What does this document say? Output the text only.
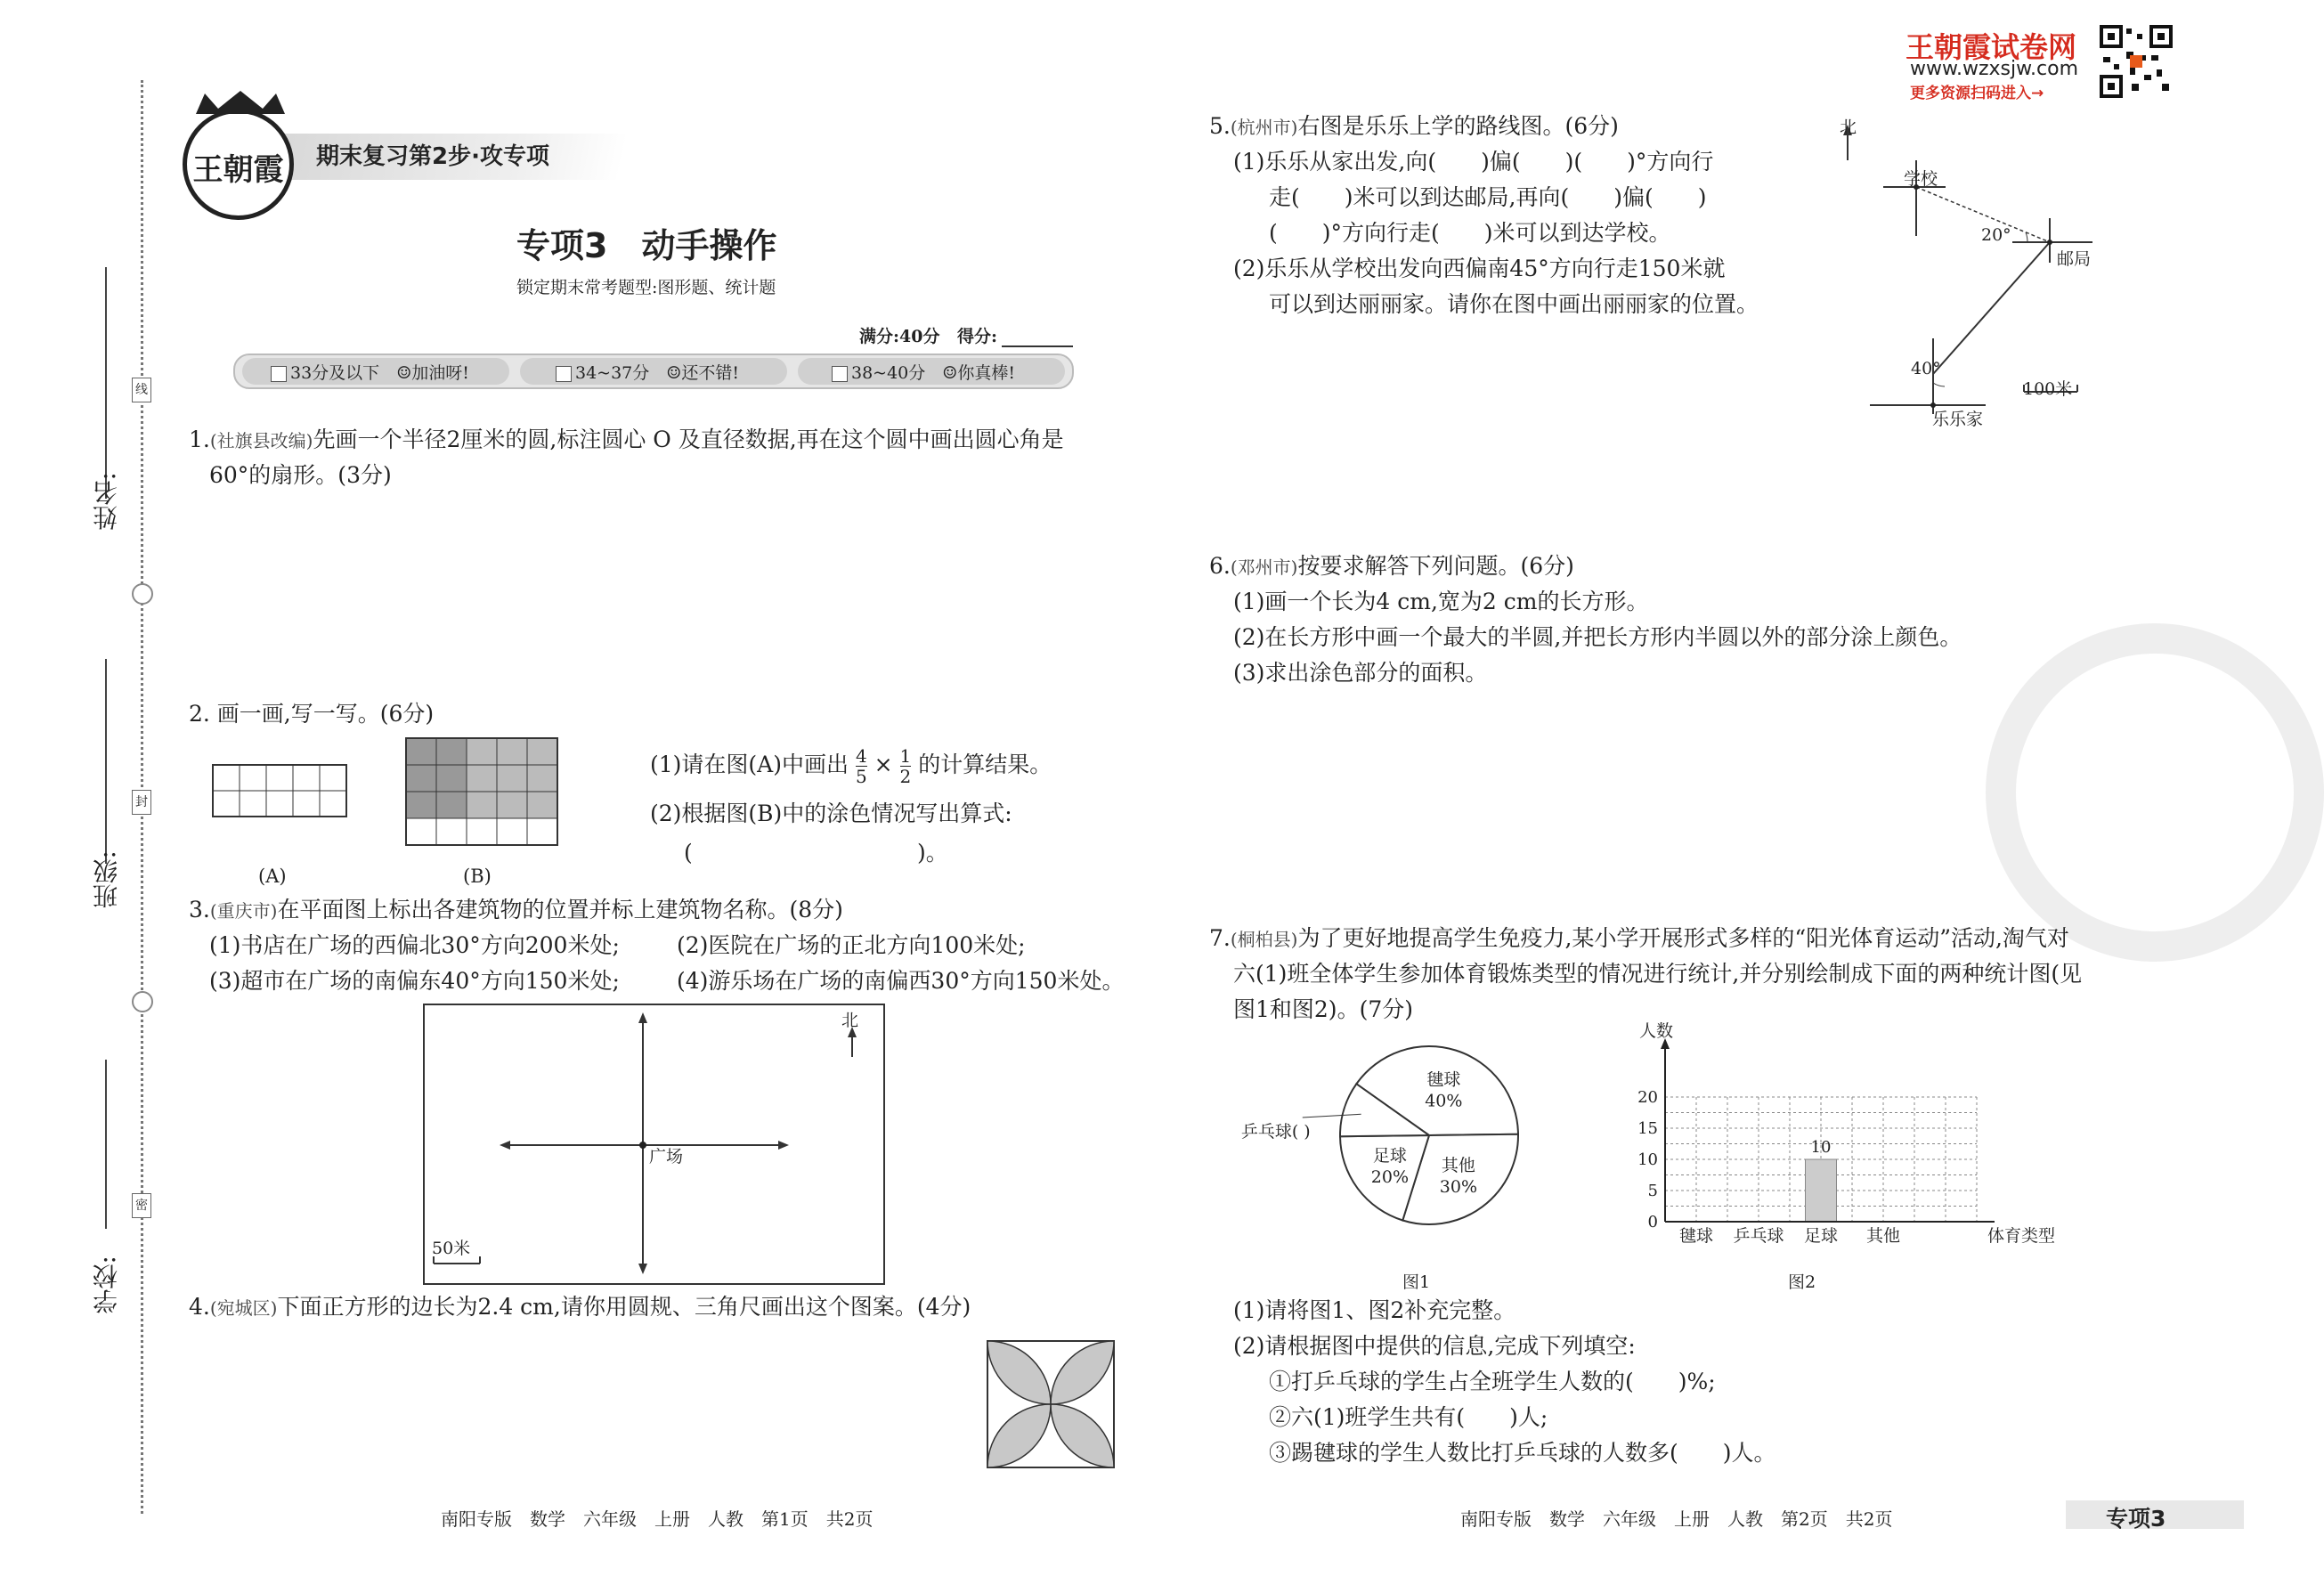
姓名:
班级:
学校:
线
封
密
期末复习第2步·攻专项
王朝霞
专项3　动手操作
锁定期末常考题型:图形题、统计题
满分:40分 得分:
33分及以下　 ☺加油呀!	34~37分　 ☺还不错!	38~40分　 ☺你真棒!
1.(社旗县改编)先画一个半径2厘米的圆,标注圆心 O 及直径数据,再在这个圆中画出圆心角是
60°的扇形。(3分)
2. 画一画,写一写。(6分)
(A)	(B)
(1)请在图(A)中画出 $\frac{4}{5} \times \frac{1}{2}$ 的计算结果。
(2)根据图(B)中的涂色情况写出算式:
(	)。
3.(重庆市)在平面图上标出各建筑物的位置并标上建筑物名称。(8分)
(1)书店在广场的西偏北30°方向200米处;	(2)医院在广场的正北方向100米处;
(3)超市在广场的南偏东40°方向150米处;	(4)游乐场在广场的南偏西30°方向150米处。
北
广场
50米
4.(宛城区)下面正方形的边长为2.4 cm,请你用圆规、三角尺画出这个图案。(4分)
王朝霞试卷网
www.wzxsjw.com
更多资源扫码进入→
5.(杭州市)右图是乐乐上学的路线图。(6分)
(1)乐乐从家出发,向(　　)偏(　　)(　　)°方向行
走(　　)米可以到达邮局,再向(　　)偏(　　)
(　　)°方向行走(　　)米可以到达学校。
(2)乐乐从学校出发向西偏南45°方向行走150米就
可以到达丽丽家。请你在图中画出丽丽家的位置。
北
学校
20°
邮局
40°
乐乐家
100米
6.(邓州市)按要求解答下列问题。(6分)
(1)画一个长为4 cm,宽为2 cm的长方形。
(2)在长方形中画一个最大的半圆,并把长方形内半圆以外的部分涂上颜色。
(3)求出涂色部分的面积。
7.(桐柏县)为了更好地提高学生免疫力,某小学开展形式多样的“阳光体育运动”活动,淘气对
六(1)班全体学生参加体育锻炼类型的情况进行统计,并分别绘制成下面的两种统计图(见
图1和图2)。(7分)
毽球
40%
其他
30%
足球
20%
乒乓球( )
图1
10
人数
0
5
10
15
20
毽球 乒乓球 足球 其他	体育类型
图2
(1)请将图1、图2补充完整。
(2)请根据图中提供的信息,完成下列填空:
①打乒乓球的学生占全班学生人数的(　　)%;
②六(1)班学生共有(　　)人;
③踢毽球的学生人数比打乒乓球的人数多(　　)人。
南阳专版　数学　六年级　上册　人教　第1页　共2页	南阳专版　数学　六年级　上册　人教　第2页　共2页	专项3
